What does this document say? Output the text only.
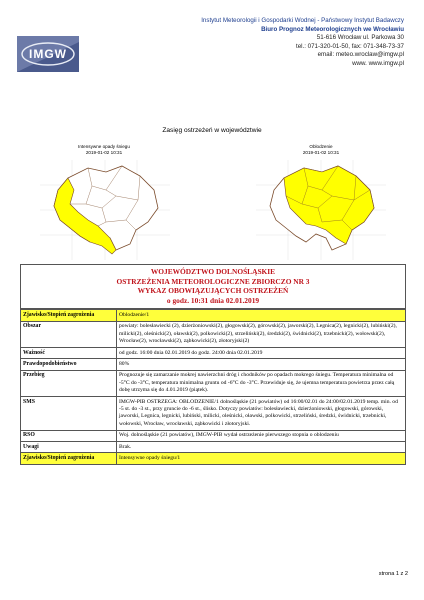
IMGW
Instytut Meteorologii i Gospodarki Wodnej - Państwowy Instytut Badawczy
Biuro Prognoz Meteorologicznych we Wrocławiu
51-616 Wrocław ul. Parkowa 30
tel.: 071-320-01-50, fax: 071-348-73-37
email: meteo.wroclaw@imgw.pl
www. www.imgw.pl
Zasięg ostrzeżeń w województwie
Intensywne opady śniegu
2019-01-02 10:31
Oblodzenie
2019-01-02 10:31
WOJEWÓDZTWO DOLNOŚLĄSKIE
OSTRZEŻENIA METEOROLOGICZNE ZBIORCZO NR 3
WYKAZ OBOWIĄZUJĄCYCH OSTRZEŻEŃ
o godz. 10:31 dnia 02.01.2019
Zjawisko/Stopień zagrożenia	Oblodzenie/1
Obszar	powiaty: bolesławiecki (2), dzierżoniowski(2), głogowski(2), górowski(2), jaworski(2), Legnica(2), legnicki(2), lubiński(2), milicki(2), oleśnicki(2), oławski(2), polkowicki(2), strzeliński(2), średzki(2), świdnicki(2), trzebnicki(2), wołowski(2), Wrocław(2), wrocławski(2), ząbkowicki(2), złotoryjski(2)
Ważność	od godz. 16:00 dnia 02.01.2019 do godz. 24:00 dnia 02.01.2019
Prawdopodobieństwo	80%
Przebieg	Prognozuje się zamarzanie mokrej nawierzchni dróg i chodników po opadach mokrego śniegu. Temperatura minimalna od -5°C do -3°C, temperatura minimalna gruntu od -6°C do -3°C. Przewiduje się, że ujemna temperatura powietrza przez całą dobę utrzyma się do 4.01.2019 (piątek).
SMS	IMGW-PIB OSTRZEGA: OBLODZENIE/1 dolnośląskie (21 powiatów) od 16:00/02.01 do 24:00/02.01.2019 temp. min. od -5 st. do -3 st., przy gruncie do -6 st., ślisko. Dotyczy powiatów: bolesławiecki, dzierżoniowski, głogowski, górowski, jaworski, Legnica, legnicki, lubiński, milicki, oleśnicki, oławski, polkowicki, strzeliński, średzki, świdnicki, trzebnicki, wołowski, Wrocław, wrocławski, ząbkowicki i złotoryjski.
RSO	Woj. dolnośląskie (21 powiatów), IMGW-PIB wydał ostrzeżenie pierwszego stopnia o oblodzeniu
Uwagi	Brak.
Zjawisko/Stopień zagrożenia	Intensywne opady śniegu/1
strona 1 z 2
